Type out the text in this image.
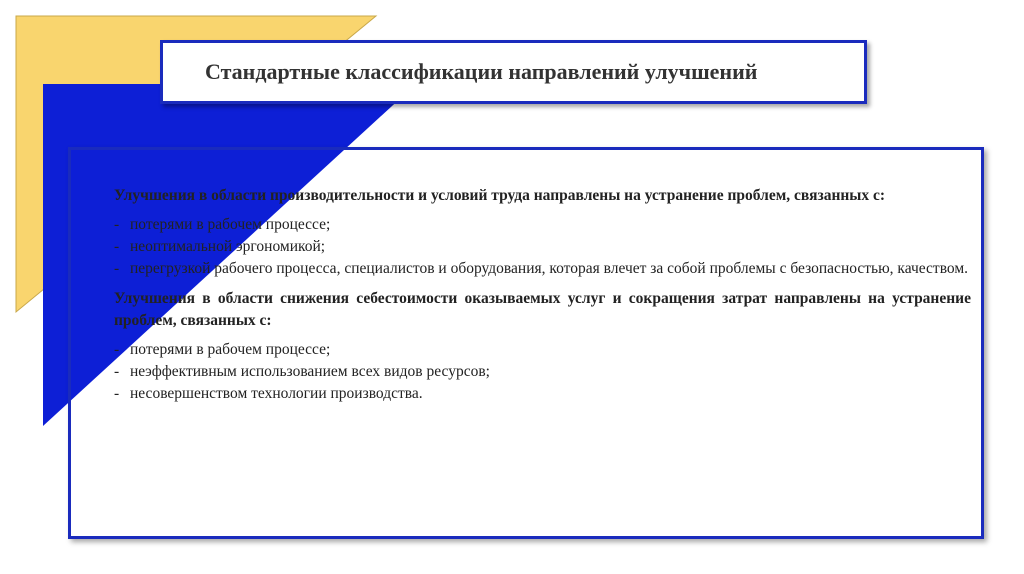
Стандартные классификации направлений улучшений

Улучшения в области производительности и условий труда направлены на устранение проблем, связанных с:

- потерями в рабочем процессе;
- неоптимальной эргономикой;
- перегрузкой рабочего процесса, специалистов и оборудования, которая влечет за собой проблемы с безопасностью, качеством.

Улучшения в области снижения себестоимости оказываемых услуг и сокращения затрат направлены на устранение проблем, связанных с:

- потерями в рабочем процессе;
- неэффективным использованием всех видов ресурсов;
- несовершенством технологии производства.
